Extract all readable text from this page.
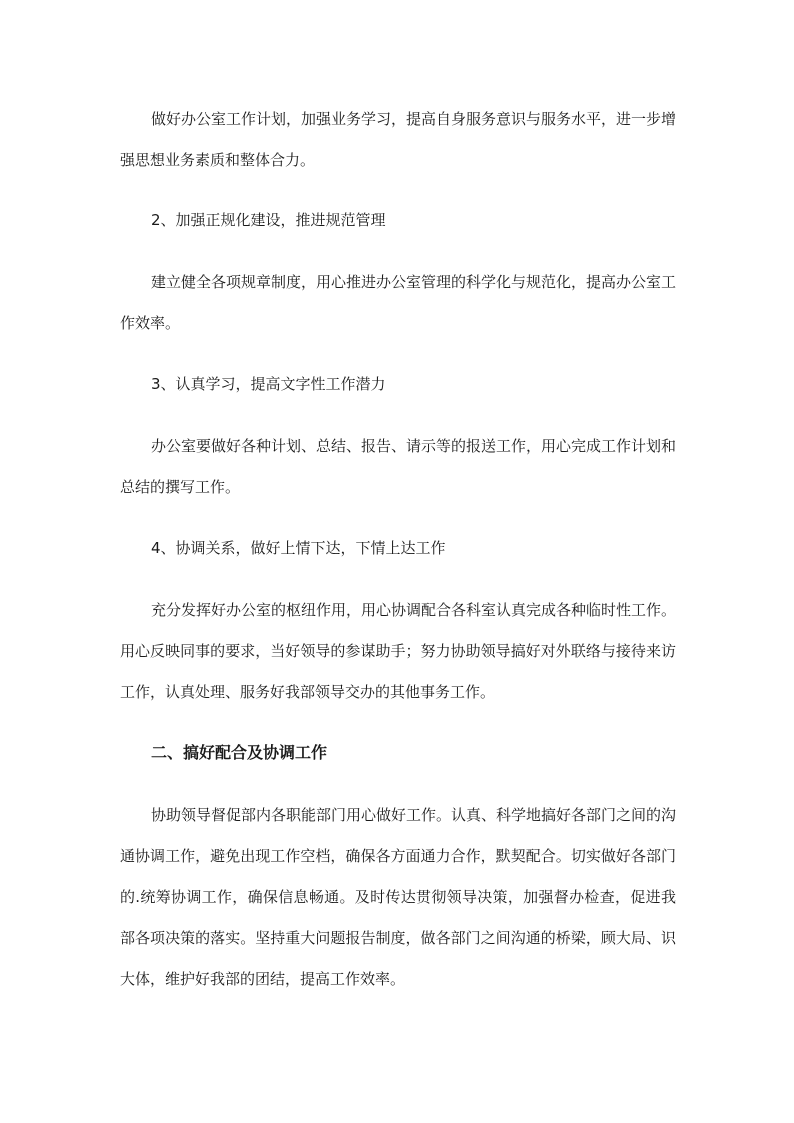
做好办公室工作计划，加强业务学习，提高自身服务意识与服务水平，进一步增强思想业务素质和整体合力。

2、加强正规化建设，推进规范管理

建立健全各项规章制度，用心推进办公室管理的科学化与规范化，提高办公室工作效率。

3、认真学习，提高文字性工作潜力

办公室要做好各种计划、总结、报告、请示等的报送工作，用心完成工作计划和总结的撰写工作。

4、协调关系，做好上情下达，下情上达工作

充分发挥好办公室的枢纽作用，用心协调配合各科室认真完成各种临时性工作。用心反映同事的要求，当好领导的参谋助手；努力协助领导搞好对外联络与接待来访工作，认真处理、服务好我部领导交办的其他事务工作。

二、搞好配合及协调工作

协助领导督促部内各职能部门用心做好工作。认真、科学地搞好各部门之间的沟通协调工作，避免出现工作空档，确保各方面通力合作，默契配合。切实做好各部门的.统筹协调工作，确保信息畅通。及时传达贯彻领导决策，加强督办检查，促进我部各项决策的落实。坚持重大问题报告制度，做各部门之间沟通的桥梁，顾大局、识大体，维护好我部的团结，提高工作效率。
